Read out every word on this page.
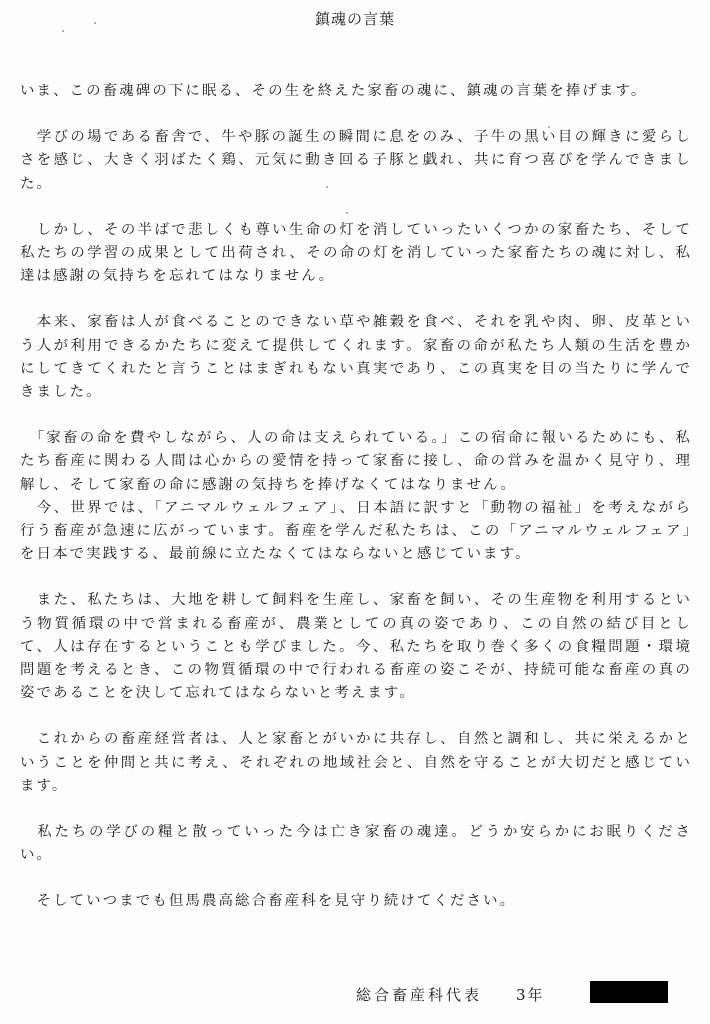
鎮魂の言葉

いま、この畜魂碑の下に眠る、その生を終えた家畜の魂に、鎮魂の言葉を捧げます。

　学びの場である畜舎で、牛や豚の誕生の瞬間に息をのみ、子牛の黒い目の輝きに愛らしさを感じ、大きく羽ばたく鶏、元気に動き回る子豚と戯れ、共に育つ喜びを学んできました。

　しかし、その半ばで悲しくも尊い生命の灯を消していったいくつかの家畜たち、そして私たちの学習の成果として出荷され、その命の灯を消していった家畜たちの魂に対し、私達は感謝の気持ちを忘れてはなりません。

　本来、家畜は人が食べることのできない草や雑穀を食べ、それを乳や肉、卵、皮革という人が利用できるかたちに変えて提供してくれます。家畜の命が私たち人類の生活を豊かにしてきてくれたと言うことはまぎれもない真実であり、この真実を目の当たりに学んできました。

　「家畜の命を費やしながら、人の命は支えられている。」この宿命に報いるためにも、私たち畜産に関わる人間は心からの愛情を持って家畜に接し、命の営みを温かく見守り、理解し、そして家畜の命に感謝の気持ちを捧げなくてはなりません。

　今、世界では、「アニマルウェルフェア」、日本語に訳すと「動物の福祉」を考えながら行う畜産が急速に広がっています。畜産を学んだ私たちは、この「アニマルウェルフェア」を日本で実践する、最前線に立たなくてはならないと感じています。

　また、私たちは、大地を耕して飼料を生産し、家畜を飼い、その生産物を利用するという物質循環の中で営まれる畜産が、農業としての真の姿であり、この自然の結び目として、人は存在するということも学びました。今、私たちを取り巻く多くの食糧問題・環境問題を考えるとき、この物質循環の中で行われる畜産の姿こそが、持続可能な畜産の真の姿であることを決して忘れてはならないと考えます。

　これからの畜産経営者は、人と家畜とがいかに共存し、自然と調和し、共に栄えるかということを仲間と共に考え、それぞれの地域社会と、自然を守ることが大切だと感じています。

　私たちの学びの糧と散っていった今は亡き家畜の魂達。どうか安らかにお眠りください。

　そしていつまでも但馬農高総合畜産科を見守り続けてください。

総合畜産科代表 3年
